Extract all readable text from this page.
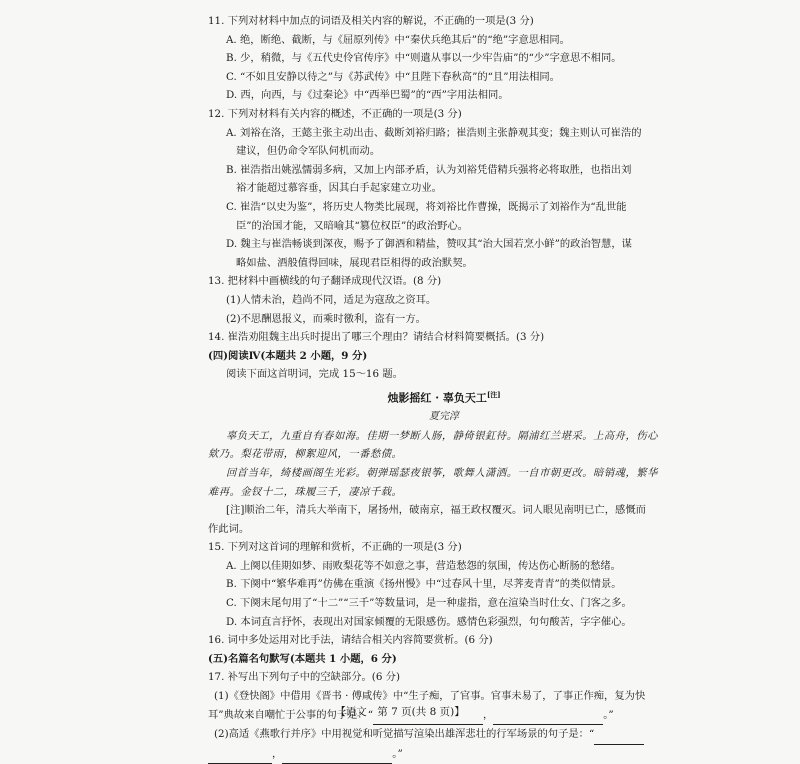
11. 下列对材料中加点的词语及相关内容的解说，不正确的一项是(3 分)
A. 绝，断绝、截断，与《屈原列传》中“秦伏兵绝其后”的“绝”字意思相同。
B. 少，稍微，与《五代史伶官传序》中“则遣从事以一少牢告庙”的“少”字意思不相同。
C. “不如且安静以待之”与《苏武传》中“且陛下春秋高”的“且”用法相同。
D. 西，向西，与《过秦论》中“西举巴蜀”的“西”字用法相同。
12. 下列对材料有关内容的概述，不正确的一项是(3 分)
A. 刘裕在洛，王懿主张主动出击、截断刘裕归路；崔浩则主张静观其变；魏主则认可崔浩的
建议，但仍命令军队伺机而动。
B. 崔浩指出姚泓懦弱多病，又加上内部矛盾，认为刘裕凭借精兵强将必将取胜，也指出刘
裕才能超过慕容垂，因其白手起家建立功业。
C. 崔浩“以史为鉴”，将历史人物类比展现，将刘裕比作曹操，既揭示了刘裕作为“乱世能
臣”的治国才能，又暗喻其“篡位权臣”的政治野心。
D. 魏主与崔浩畅谈到深夜，赐予了御酒和精盐，赞叹其“治大国若烹小鲜”的政治智慧，谋
略如盐、酒般值得回味，展现君臣相得的政治默契。
13. 把材料中画横线的句子翻译成现代汉语。(8 分)
(1)人情未治，趋尚不同，适足为寇敌之资耳。
(2)不思酬恩报义，而乘时徼利，盗有一方。
14. 崔浩劝阻魏主出兵时提出了哪三个理由？请结合材料简要概括。(3 分)
(四)阅读Ⅳ(本题共 2 小题，9 分)
阅读下面这首明词，完成 15～16 题。
烛影摇红 · 辜负天工[注]
夏完淳
辜负天工，九重自有春如海。佳期一梦断人肠，静倚银釭待。隔浦红兰堪采。上高舟，伤心
欸乃。梨花带雨，柳絮迎风，一番愁债。
回首当年，绮楼画阁生光彩。朝弹瑶瑟夜银筝，歌舞人潇洒。一自市朝更改。暗销魂，繁华
难再。金钗十二，珠履三千，凄凉千载。
[注]顺治二年，清兵大举南下，屠扬州，破南京，福王政权覆灭。词人眼见南明已亡，感慨而
作此词。
15. 下列对这首词的理解和赏析，不正确的一项是(3 分)
A. 上阕以佳期如梦、雨败梨花等不如意之事，营造愁怨的氛围，传达伤心断肠的愁绪。
B. 下阕中“繁华难再”仿佛在重演《扬州慢》中“过春风十里，尽荠麦青青”的类似情景。
C. 下阕末尾句用了“十二”“三千”等数量词，是一种虚指，意在渲染当时仕女、门客之多。
D. 本词直言抒怀，表现出对国家倾覆的无限感伤。感情色彩强烈，句句酸苦，字字催心。
16. 词中多处运用对比手法，请结合相关内容简要赏析。(6 分)
(五)名篇名句默写(本题共 1 小题，6 分)
17. 补写出下列句子中的空缺部分。(6 分)
(1)《登快阁》中借用《晋书 · 傅咸传》中“生子痴，了官事。官事未易了，了事正作痴，复为快
耳”典故来自嘲忙于公事的句子是：“	，	。”
(2)高适《燕歌行并序》中用视觉和听觉描写渲染出雄浑悲壮的行军场景的句子是：“
，	。”
【语文　第 7 页(共 8 页)】
